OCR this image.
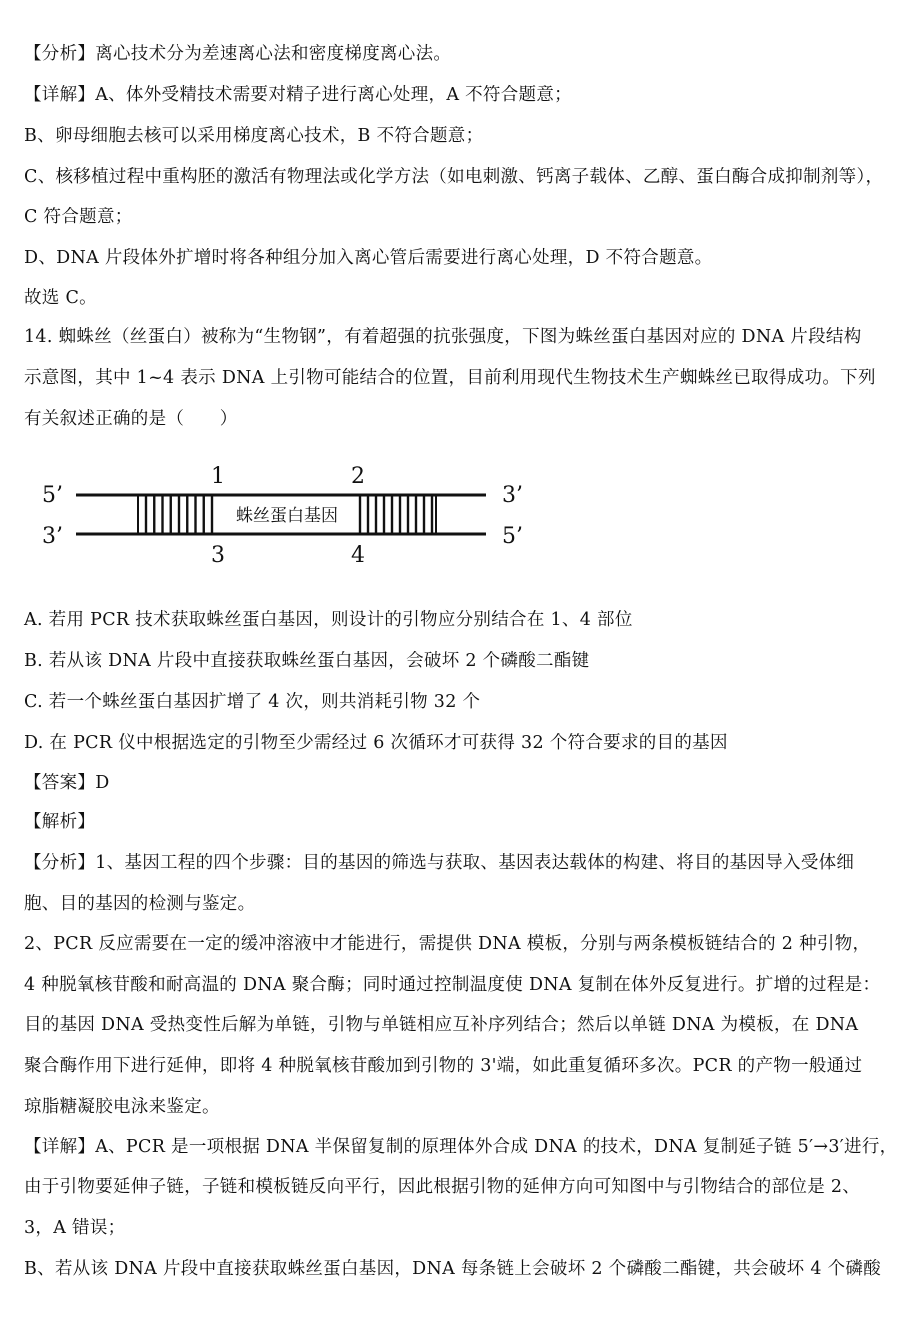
【分析】离心技术分为差速离心法和密度梯度离心法。
【详解】A、体外受精技术需要对精子进行离心处理，A 不符合题意；
B、卵母细胞去核可以采用梯度离心技术，B 不符合题意；
C、核移植过程中重构胚的激活有物理法或化学方法（如电刺激、钙离子载体、乙醇、蛋白酶合成抑制剂等），
C 符合题意；
D、DNA 片段体外扩增时将各种组分加入离心管后需要进行离心处理，D 不符合题意。
故选 C。
14. 蜘蛛丝（丝蛋白）被称为“生物钢”，有着超强的抗张强度，下图为蛛丝蛋白基因对应的 DNA 片段结构
示意图，其中 1~4 表示 DNA 上引物可能结合的位置，目前利用现代生物技术生产蜘蛛丝已取得成功。下列
有关叙述正确的是（　　）
5’	3’
3’	5’
1	2
3	4
蛛丝蛋白基因
A. 若用 PCR 技术获取蛛丝蛋白基因，则设计的引物应分别结合在 1、4 部位
B. 若从该 DNA 片段中直接获取蛛丝蛋白基因，会破坏 2 个磷酸二酯键
C. 若一个蛛丝蛋白基因扩增了 4 次，则共消耗引物 32 个
D. 在 PCR 仪中根据选定的引物至少需经过 6 次循环才可获得 32 个符合要求的目的基因
【答案】D
【解析】
【分析】1、基因工程的四个步骤：目的基因的筛选与获取、基因表达载体的构建、将目的基因导入受体细
胞、目的基因的检测与鉴定。
2、PCR 反应需要在一定的缓冲溶液中才能进行，需提供 DNA 模板，分别与两条模板链结合的 2 种引物，
4 种脱氧核苷酸和耐高温的 DNA 聚合酶；同时通过控制温度使 DNA 复制在体外反复进行。扩增的过程是：
目的基因 DNA 受热变性后解为单链，引物与单链相应互补序列结合；然后以单链 DNA 为模板，在 DNA
聚合酶作用下进行延伸，即将 4 种脱氧核苷酸加到引物的 3'端，如此重复循环多次。PCR 的产物一般通过
琼脂糖凝胶电泳来鉴定。
【详解】A、PCR 是一项根据 DNA 半保留复制的原理体外合成 DNA 的技术，DNA 复制延子链 5′→3′进行，
由于引物要延伸子链，子链和模板链反向平行，因此根据引物的延伸方向可知图中与引物结合的部位是 2、
3，A 错误；
B、若从该 DNA 片段中直接获取蛛丝蛋白基因，DNA 每条链上会破坏 2 个磷酸二酯键，共会破坏 4 个磷酸
